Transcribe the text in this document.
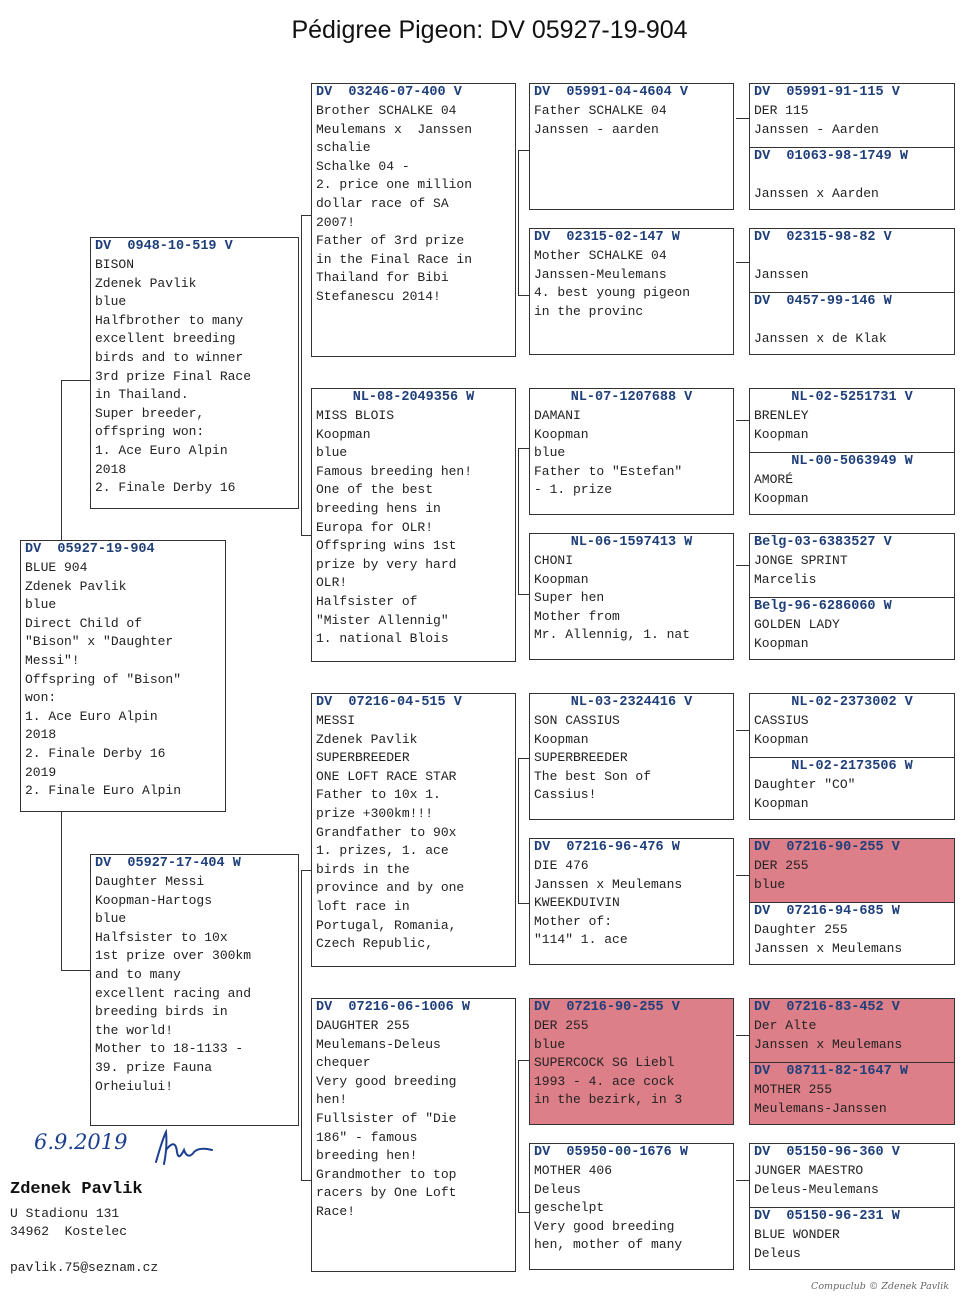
Pédigree Pigeon: DV 05927-19-904
DV  05927-19-904
BLUE 904
Zdenek Pavlik
blue
Direct Child of
"Bison" x "Daughter
Messi"!
Offspring of "Bison"
won:
1. Ace Euro Alpin
2018
2. Finale Derby 16
2019
2. Finale Euro Alpin
DV  0948-10-519 V
BISON
Zdenek Pavlik
blue
Halfbrother to many
excellent breeding
birds and to winner
3rd prize Final Race
in Thailand.
Super breeder,
offspring won:
1. Ace Euro Alpin
2018
2. Finale Derby 16
DV  05927-17-404 W
Daughter Messi
Koopman-Hartogs
blue
Halfsister to 10x
1st prize over 300km
and to many
excellent racing and
breeding birds in
the world!
Mother to 18-1133 -
39. prize Fauna
Orheiului!
DV  03246-07-400 V
Brother SCHALKE 04
Meulemans x  Janssen
schalie
Schalke 04 -
2. price one million
dollar race of SA
2007!
Father of 3rd prize
in the Final Race in
Thailand for Bibi
Stefanescu 2014!
NL-08-2049356 W
MISS BLOIS
Koopman
blue
Famous breeding hen!
One of the best
breeding hens in
Europa for OLR!
Offspring wins 1st
prize by very hard
OLR!
Halfsister of
"Mister Allennig"
1. national Blois
DV  07216-04-515 V
MESSI
Zdenek Pavlik
SUPERBREEDER
ONE LOFT RACE STAR
Father to 10x 1.
prize +300km!!!
Grandfather to 90x
1. prizes, 1. ace
birds in the
province and by one
loft race in
Portugal, Romania,
Czech Republic,
DV  07216-06-1006 W
DAUGHTER 255
Meulemans-Deleus
chequer
Very good breeding
hen!
Fullsister of "Die
186" - famous
breeding hen!
Grandmother to top
racers by One Loft
Race!
DV  05991-04-4604 V
Father SCHALKE 04
Janssen - aarden
DV  02315-02-147 W
Mother SCHALKE 04
Janssen-Meulemans
4. best young pigeon
in the provinc
NL-07-1207688 V
DAMANI
Koopman
blue
Father to "Estefan"
- 1. prize
NL-06-1597413 W
CHONI
Koopman
Super hen
Mother from
Mr. Allennig, 1. nat
NL-03-2324416 V
SON CASSIUS
Koopman
SUPERBREEDER
The best Son of
Cassius!
DV  07216-96-476 W
DIE 476
Janssen x Meulemans
KWEEKDUIVIN
Mother of:
"114" 1. ace
DV  07216-90-255 V
DER 255
blue
SUPERCOCK SG Liebl
1993 - 4. ace cock
in the bezirk, in 3
DV  05950-00-1676 W
MOTHER 406
Deleus
geschelpt
Very good breeding
hen, mother of many
DV  05991-91-115 V
DER 115
Janssen - Aarden
DV  01063-98-1749 W

Janssen x Aarden
DV  02315-98-82 V

Janssen
DV  0457-99-146 W

Janssen x de Klak
NL-02-5251731 V
BRENLEY
Koopman
NL-00-5063949 W
AMORÉ
Koopman
Belg-03-6383527 V
JONGE SPRINT
Marcelis
Belg-96-6286060 W
GOLDEN LADY
Koopman
NL-02-2373002 V
CASSIUS
Koopman
NL-02-2173506 W
Daughter "CO"
Koopman
DV  07216-90-255 V
DER 255
blue
DV  07216-94-685 W
Daughter 255
Janssen x Meulemans
DV  07216-83-452 V
Der Alte
Janssen x Meulemans
DV  08711-82-1647 W
MOTHER 255
Meulemans-Janssen
DV  05150-96-360 V
JUNGER MAESTRO
Deleus-Meulemans
DV  05150-96-231 W
BLUE WONDER
Deleus
6.9.2019
Zdenek Pavlik
U Stadionu 131
34962  Kostelec
pavlik.75@seznam.cz
Compuclub © Zdenek Pavlik
